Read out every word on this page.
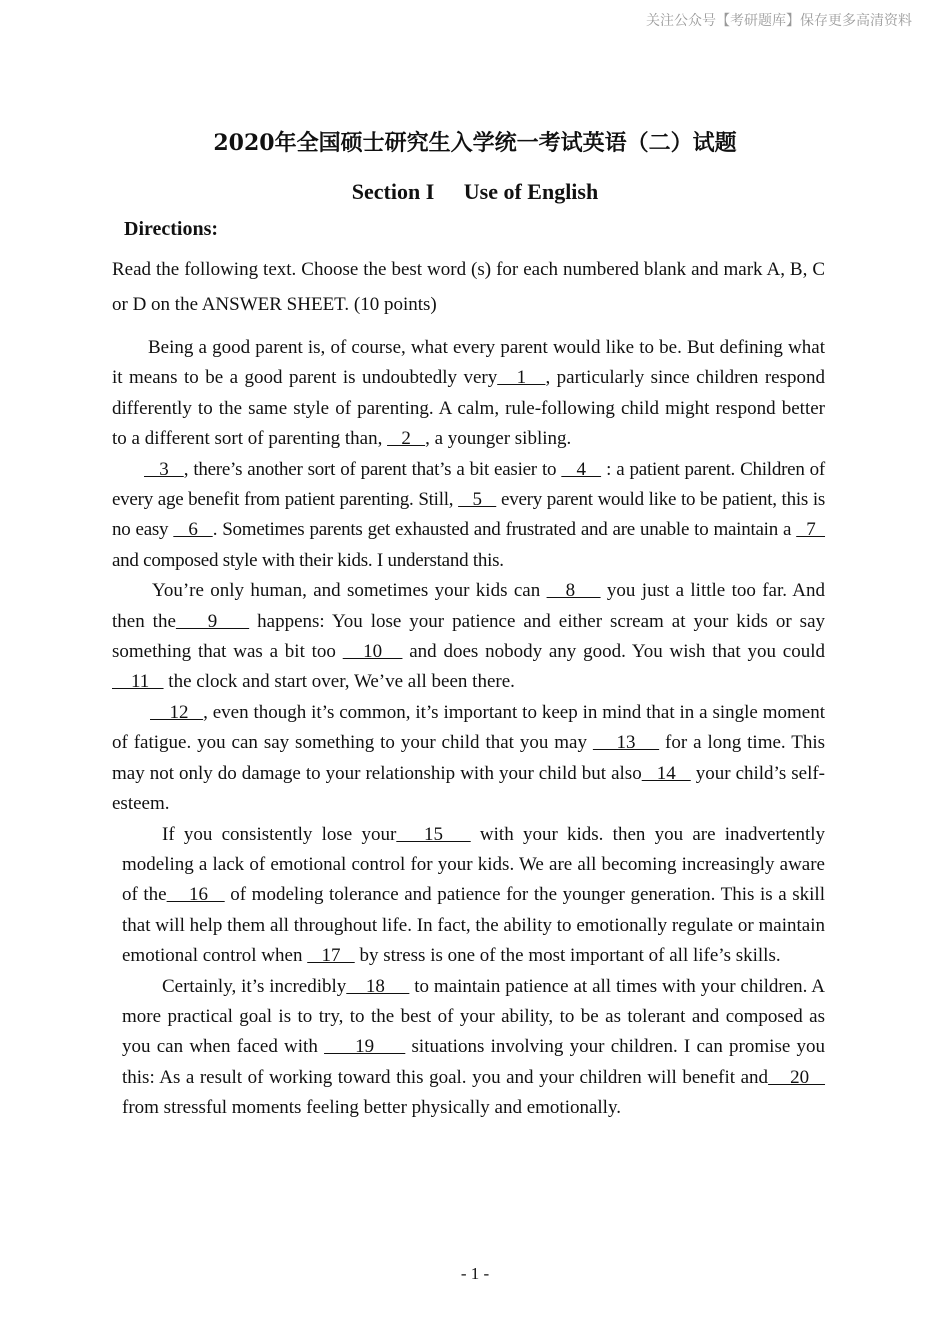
关注公众号【考研题库】保存更多高清资料
2020年全国硕士研究生入学统一考试英语（二）试题
Section I Use of English
Directions:
Read the following text. Choose the best word (s) for each numbered blank and mark A, B, C or D on the ANSWER SHEET. (10 points)

Being a good parent is, of course, what every parent would like to be. But defining what it means to be a good parent is undoubtedly very   1   , particularly since children respond differently to the same style of parenting. A calm, rule-following child might respond better to a different sort of parenting than,    2   , a younger sibling.

3   , there’s another sort of parent that’s a bit easier to    4    : a patient parent. Children of every age benefit from patient parenting. Still,    5    every parent would like to be patient, this is no easy    6   . Sometimes parents get exhausted and frustrated and are unable to maintain a   7   and composed style with their kids. I understand this.

You’re only human, and sometimes your kids can    8     you just a little too far. And then the    9     happens: You lose your patience and either scream at your kids or say something that was a bit too    10    and does nobody any good. You wish that you could    11    the clock and start over, We’ve all been there.

12   , even though it’s common, it’s important to keep in mind that in a single moment of fatigue. you can say something to your child that you may     13     for a long time. This may not only do damage to your relationship with your child but also   14    your child’s self-esteem.

If you consistently lose your   15    with your kids. then you are inadvertently modeling a lack of emotional control for your kids. We are all becoming increasingly aware of the    16    of modeling tolerance and patience for the younger generation. This is a skill that will help them all throughout life. In fact, the ability to emotionally regulate or maintain emotional control when    17    by stress is one of the most important of all life’s skills.

Certainly, it’s incredibly    18      to maintain patience at all times with your children. A more practical goal is to try, to the best of your ability, to be as tolerant and composed as you can when faced with      19      situations involving your children. I can promise you this: As a result of working toward this goal. you and your children will benefit and    20    from stressful moments feeling better physically and emotionally.

- 1 -
